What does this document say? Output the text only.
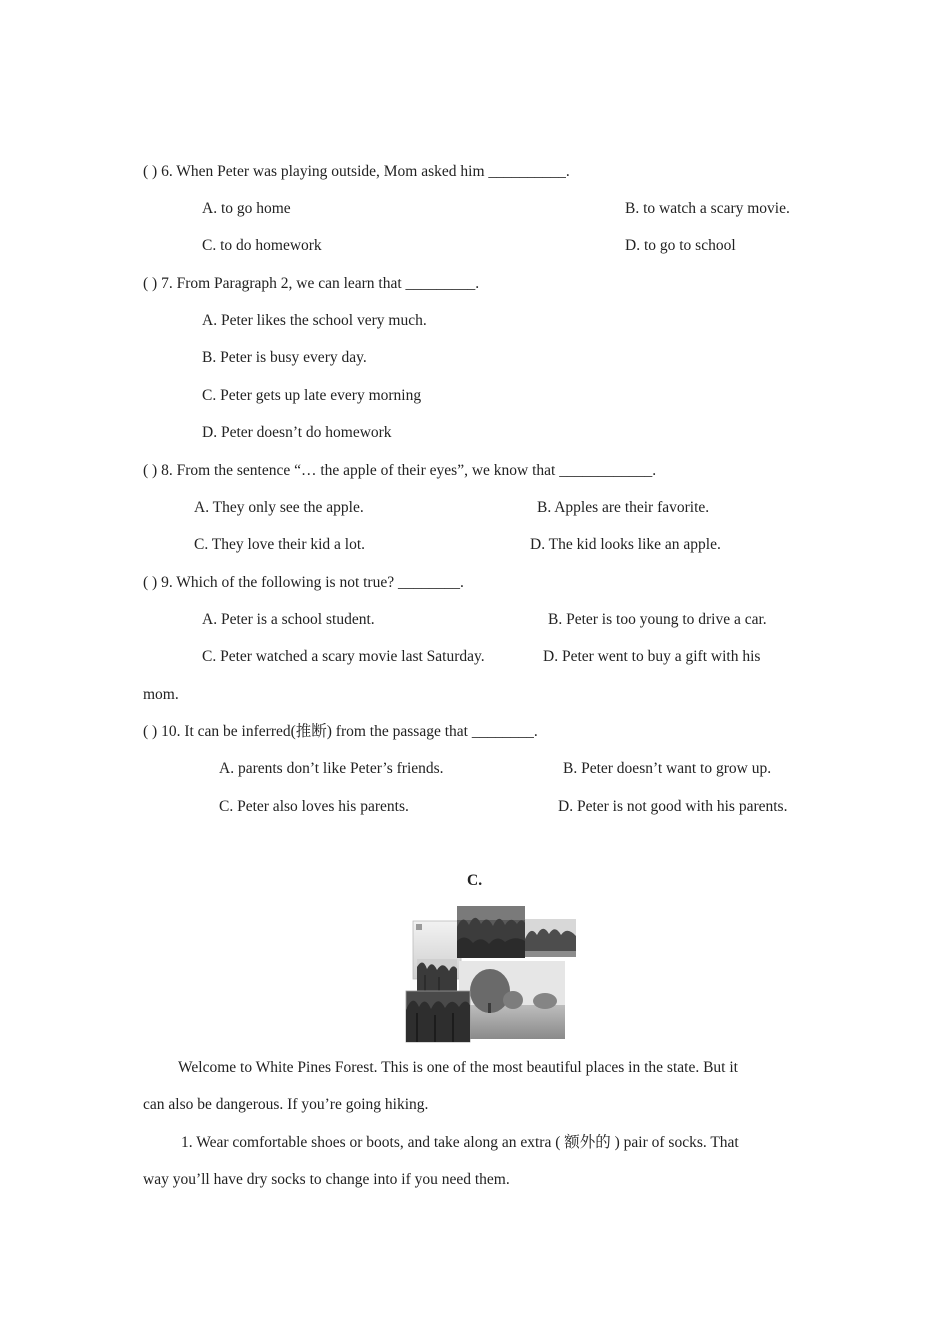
( ) 6. When Peter was playing outside, Mom asked him __________.
A. to go home	B. to watch a scary movie.
C. to do homework	D. to go to school
( ) 7. From Paragraph 2, we can learn that _________.
A. Peter likes the school very much.
B. Peter is busy every day.
C. Peter gets up late every morning
D. Peter doesn’t do homework
( ) 8. From the sentence “… the apple of their eyes”, we know that ____________.
A. They only see the apple.	B. Apples are their favorite.
C. They love their kid a lot.	D. The kid looks like an apple.
( ) 9. Which of the following is not true? ________.
A. Peter is a school student.	B. Peter is too young to drive a car.
C. Peter watched a scary movie last Saturday.	D. Peter went to buy a gift with his
mom.
( ) 10. It can be inferred(推断) from the passage that ________.
A. parents don’t like Peter’s friends.	B. Peter doesn’t want to grow up.
C. Peter also loves his parents.	D. Peter is not good with his parents.
C.
Welcome to White Pines Forest. This is one of the most beautiful places in the state. But it
can also be dangerous. If you’re going hiking.
1. Wear comfortable shoes or boots, and take along an extra ( 额外的 ) pair of socks. That
way you’ll have dry socks to change into if you need them.
